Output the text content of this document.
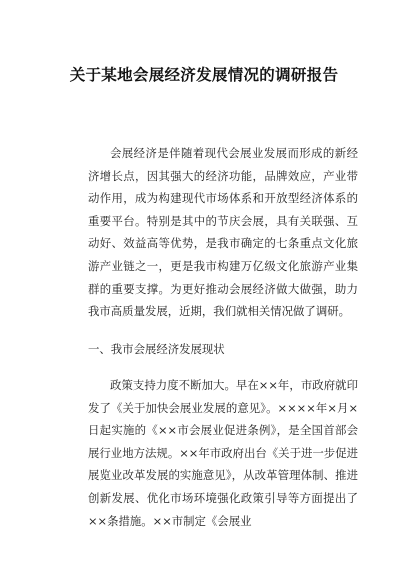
关于某地会展经济发展情况的调研报告

会展经济是伴随着现代会展业发展而形成的新经济增长点，因其强大的经济功能，品牌效应，产业带动作用，成为构建现代市场体系和开放型经济体系的重要平台。特别是其中的节庆会展，具有关联强、互动好、效益高等优势，是我市确定的七条重点文化旅游产业链之一，更是我市构建万亿级文化旅游产业集群的重要支撑。为更好推动会展经济做大做强，助力我市高质量发展，近期，我们就相关情况做了调研。

一、我市会展经济发展现状

政策支持力度不断加大。早在××年，市政府就印发了《关于加快会展业发展的意见》。××××年×月×日起实施的《××市会展业促进条例》，是全国首部会展行业地方法规。××年市政府出台《关于进一步促进展览业改革发展的实施意见》，从改革管理体制、推进创新发展、优化市场环境强化政策引导等方面提出了××条措施。××市制定《会展业
